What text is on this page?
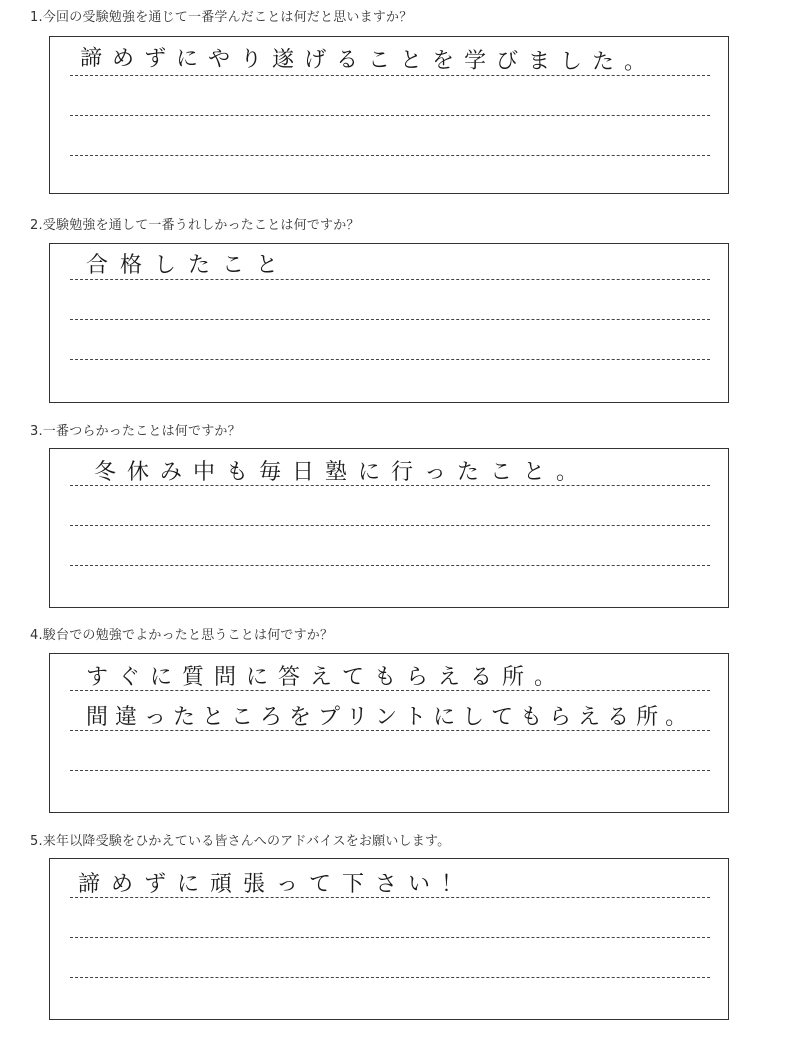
1.今回の受験勉強を通じて一番学んだことは何だと思いますか？
諦めずにやり遂げることを学びました。
2.受験勉強を通して一番うれしかったことは何ですか？
合格したこと
3.一番つらかったことは何ですか？
冬休み中も毎日塾に行ったこと。
4.駿台での勉強でよかったと思うことは何ですか？
すぐに質問に答えてもらえる所。
間違ったところをプリントにしてもらえる所。
5.来年以降受験をひかえている皆さんへのアドバイスをお願いします。
諦めずに頑張って下さい！
